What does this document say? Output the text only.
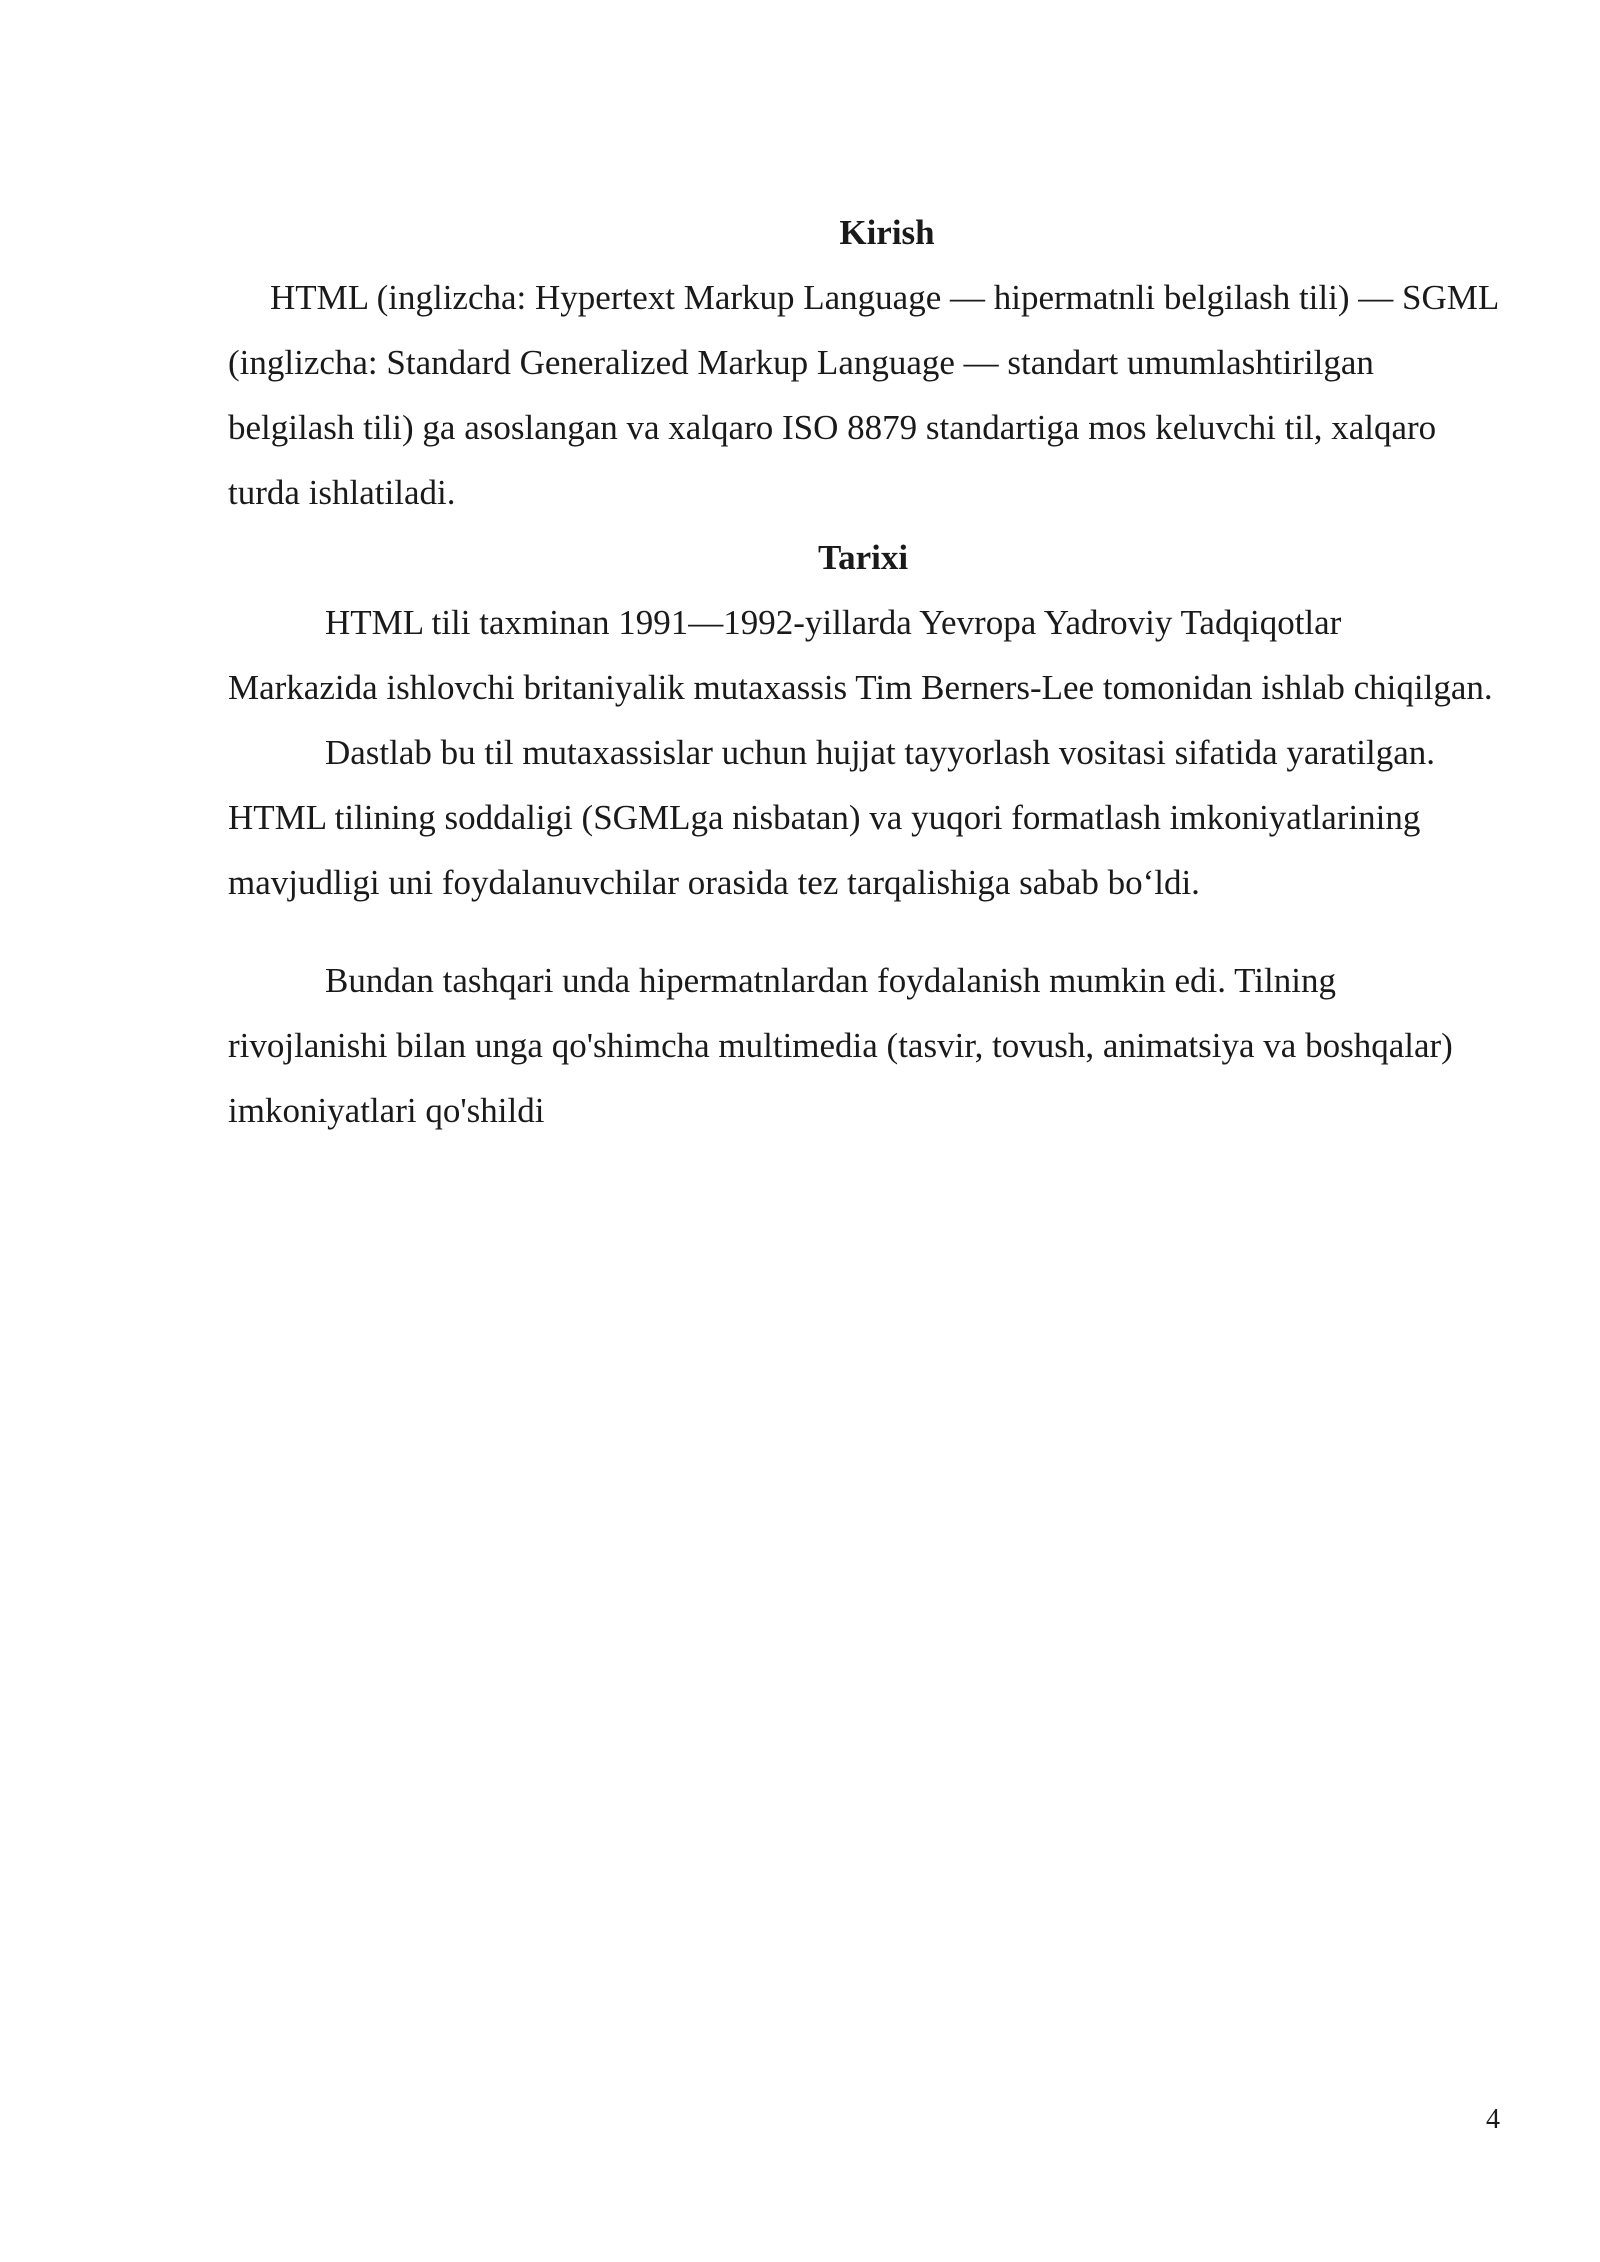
Kirish

HTML (inglizcha: Hypertext Markup Language — hipermatnli belgilash tili) — SGML (inglizcha: Standard Generalized Markup Language — standart umumlashtirilgan belgilash tili) ga asoslangan va xalqaro ISO 8879 standartiga mos keluvchi til, xalqaro turda ishlatiladi.

Tarixi

HTML tili taxminan 1991—1992-yillarda Yevropa Yadroviy Tadqiqotlar Markazida ishlovchi britaniyalik mutaxassis Tim Berners-Lee tomonidan ishlab chiqilgan.

Dastlab bu til mutaxassislar uchun hujjat tayyorlash vositasi sifatida yaratilgan. HTML tilining soddaligi (SGMLga nisbatan) va yuqori formatlash imkoniyatlarining mavjudligi uni foydalanuvchilar orasida tez tarqalishiga sabab bo‘ldi.

Bundan tashqari unda hipermatnlardan foydalanish mumkin edi. Tilning rivojlanishi bilan unga qo'shimcha multimedia (tasvir, tovush, animatsiya va boshqalar) imkoniyatlari qo'shildi

4
